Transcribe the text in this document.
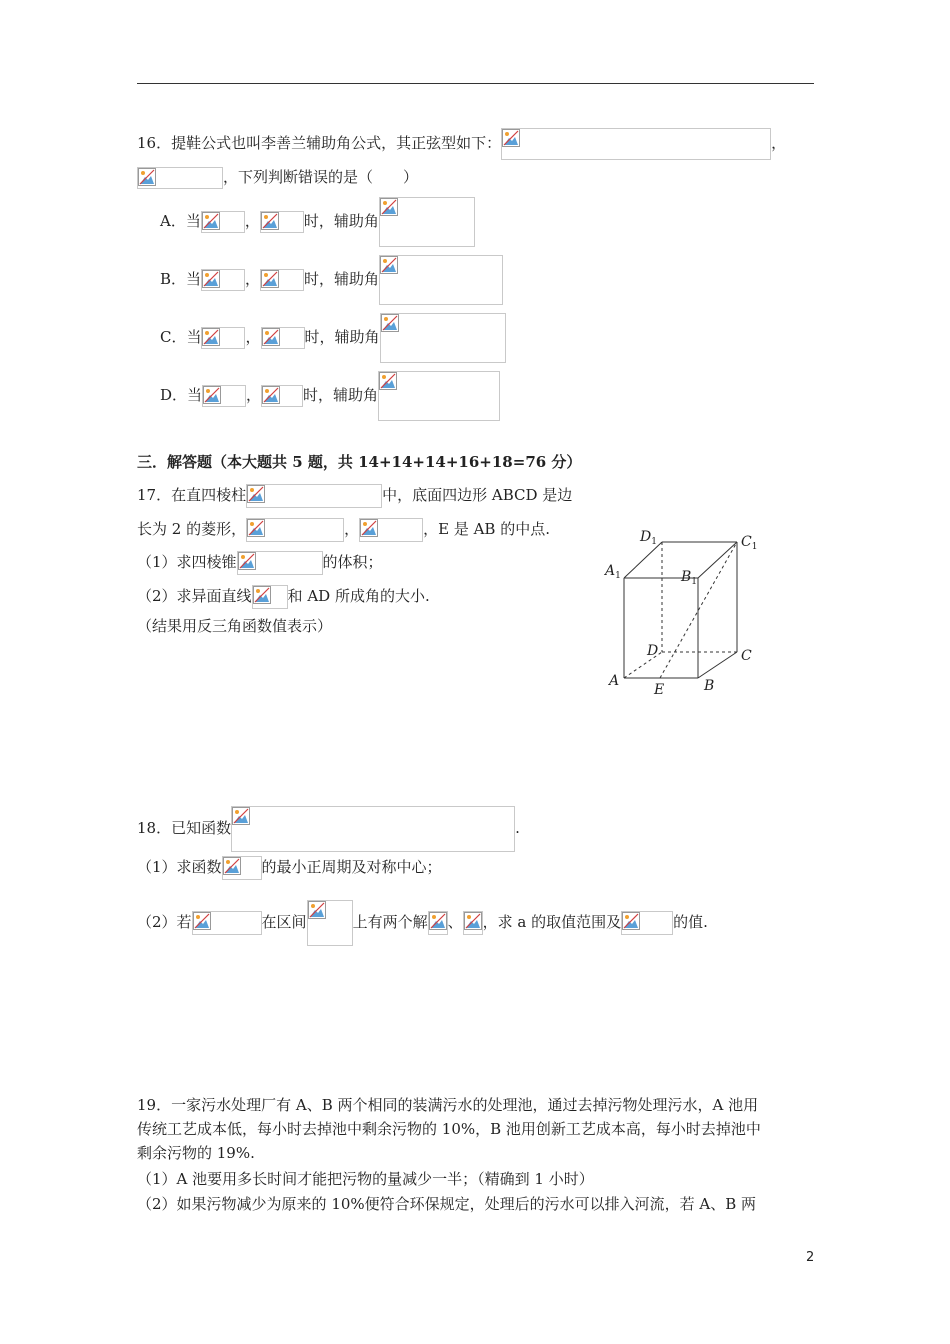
16．提鞋公式也叫李善兰辅助角公式，其正弦型如下：	，
，下列判断错误的是（　　）
A．当	，	时，辅助角
B．当	，	时，辅助角
C．当	，	时，辅助角
D．当	，	时，辅助角
三．解答题（本大题共 5 题，共 14+14+14+16+18=76 分）
17．在直四棱柱	中，底面四边形 ABCD 是边
长为 2 的菱形，	，	，E 是 AB 的中点.
（1）求四棱锥	的体积；
（2）求异面直线 和 AD 所成角的大小.
（结果用反三角函数值表示）
$D_1$	$C_1$
$A_1$	$B_1$
D	C
A
E	B
18．已知函数	.
（1）求函数	的最小正周期及对称中心；
（2）若	在区间	上有两个解 、 ，求 a 的取值范围及	的值.
19．一家污水处理厂有 A、B 两个相同的装满污水的处理池，通过去掉污物处理污水，A 池用
传统工艺成本低，每小时去掉池中剩余污物的 10%，B 池用创新工艺成本高，每小时去掉池中
剩余污物的 19%.
（1）A 池要用多长时间才能把污物的量减少一半；（精确到 1 小时）
（2）如果污物减少为原来的 10%便符合环保规定，处理后的污水可以排入河流，若 A、B 两
2
